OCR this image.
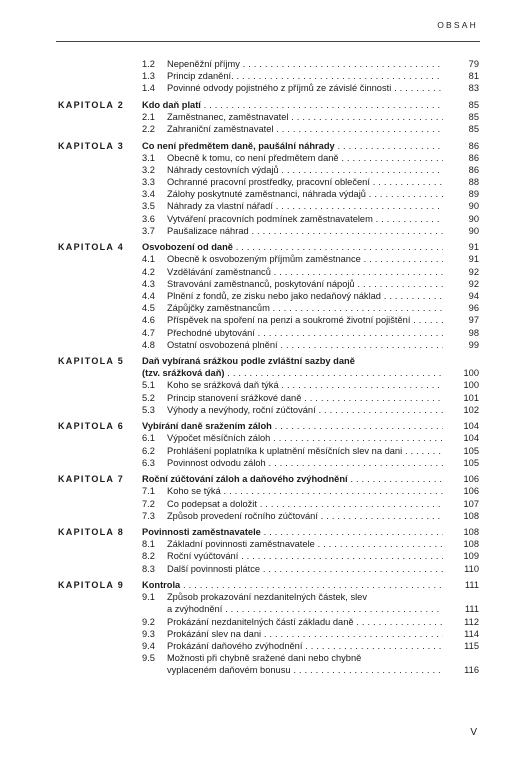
OBSAH
1.2 Nepeněžní příjmy . . .	79
1.3 Princip zdanění. . . .	81
1.4 Povinné odvody pojistného z příjmů ze závislé činnosti . . .	83
KAPITOLA 2 Kdo daň platí . . .	85
2.1 Zaměstnanec, zaměstnavatel . . .	85
2.2 Zahraniční zaměstnavatel . . .	85
KAPITOLA 3 Co není předmětem daně, paušální náhrady . . .	86
3.1 Obecně k tomu, co není předmětem daně . . .	86
3.2 Náhrady cestovních výdajů . . .	86
3.3 Ochranné pracovní prostředky, pracovní oblečení . . .	88
3.4 Zálohy poskytnuté zaměstnanci, náhrada výdajů . . .	89
3.5 Náhrady za vlastní nářadí . . .	90
3.6 Vytváření pracovních podmínek zaměstnavatelem . . .	90
3.7 Paušalizace náhrad . . .	90
KAPITOLA 4 Osvobození od daně . . .	91
4.1 Obecně k osvobozeným příjmům zaměstnance . . .	91
4.2 Vzdělávání zaměstnanců . . .	92
4.3 Stravování zaměstnanců, poskytování nápojů . . .	92
4.4 Plnění z fondů, ze zisku nebo jako nedaňový náklad . . .	94
4.5 Zápůjčky zaměstnancům . . .	96
4.6 Příspěvek na spoření na penzi a soukromé životní pojištění . . .	97
4.7 Přechodné ubytování . . .	98
4.8 Ostatní osvobozená plnění . . .	99
KAPITOLA 5 Daň vybíraná srážkou podle zvláštní sazby daně
(tzv. srážková daň) . . .	100
5.1 Koho se srážková daň týká . . .	100
5.2 Princip stanovení srážkové daně . . .	101
5.3 Výhody a nevýhody, roční zúčtování . . .	102
KAPITOLA 6 Vybírání daně sražením záloh . . .	104
6.1 Výpočet měsíčních záloh . . .	104
6.2 Prohlášení poplatníka k uplatnění měsíčních slev na dani . . .	105
6.3 Povinnost odvodu záloh . . .	105
KAPITOLA 7 Roční zúčtování záloh a daňového zvýhodnění . . .	106
7.1 Koho se týká . . .	106
7.2 Co podepsat a doložit . . .	107
7.3 Způsob provedení ročního zúčtování . . .	108
KAPITOLA 8 Povinnosti zaměstnavatele . . .	108
8.1 Základní povinnosti zaměstnavatele . . .	108
8.2 Roční vyúčtování . . .	109
8.3 Další povinnosti plátce . . .	110
KAPITOLA 9 Kontrola . . .	111
9.1 Způsob prokazování nezdanitelných částek, slev
a zvýhodnění . . .	111
9.2 Prokázání nezdanitelných částí základu daně . . .	112
9.3 Prokázání slev na dani . . .	114
9.4 Prokázání daňového zvýhodnění . . .	115
9.5 Možnosti při chybně sražené dani nebo chybně
vyplaceném daňovém bonusu . . .	116
V
